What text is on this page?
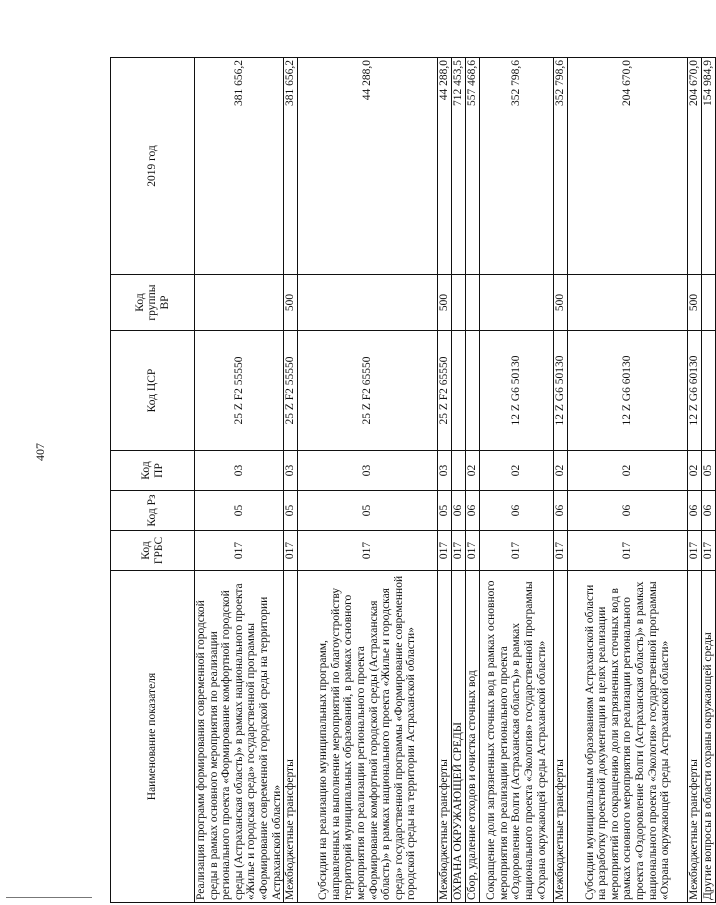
407
Наименование показателя	Код ГРБС	Код Рз	Код ПР	Код ЦСР	Код группы ВР	2019 год
Реализация программ формирования современной городской среды в рамках основного мероприятия по реализации регионального проекта «Формирование комфортной городской среды (Астраханская область)» в рамках национального проекта «Жилье и городская среда» государственной программы «Формирование современной городской среды на территории Астраханской области»	017	05	03	25 Z F2 55550		381 656,2
Межбюджетные трансферты	017	05	03	25 Z F2 55550	500	381 656,2
Субсидии на реализацию муниципальных программ, направленных на выполнение мероприятий по благоустройству территорий муниципальных образований, в рамках основного мероприятия по реализации регионального проекта «Формирование комфортной городской среды (Астраханская область)» в рамках национального проекта «Жилье и городская среда» государственной программы «Формирование современной городской среды на территории Астраханской области»	017	05	03	25 Z F2 65550		44 288,0
Межбюджетные трансферты	017	05	03	25 Z F2 65550	500	44 288,0
ОХРАНА ОКРУЖАЮЩЕЙ СРЕДЫ	017	06				712 453,5
Сбор, удаление отходов и очистка сточных вод	017	06	02			557 468,6
Сокращение доли загрязненных сточных вод в рамках основного мероприятия по реализации регионального проекта «Оздоровление Волги (Астраханская область)» в рамках национального проекта «Экология» государственной программы «Охрана окружающей среды Астраханской области»	017	06	02	12 Z G6 50130		352 798,6
Межбюджетные трансферты	017	06	02	12 Z G6 50130	500	352 798,6
Субсидии муниципальным образованиям Астраханской области на разработку проектной документации в целях реализации мероприятий по сокращению доли загрязненных сточных вод в рамках основного мероприятия по реализации регионального проекта «Оздоровление Волги (Астраханская область)» в рамках национального проекта «Экология» государственной программы «Охрана окружающей среды Астраханской области»	017	06	02	12 Z G6 60130		204 670,0
Межбюджетные трансферты	017	06	02	12 Z G6 60130	500	204 670,0
Другие вопросы в области охраны окружающей среды	017	06	05			154 984,9
